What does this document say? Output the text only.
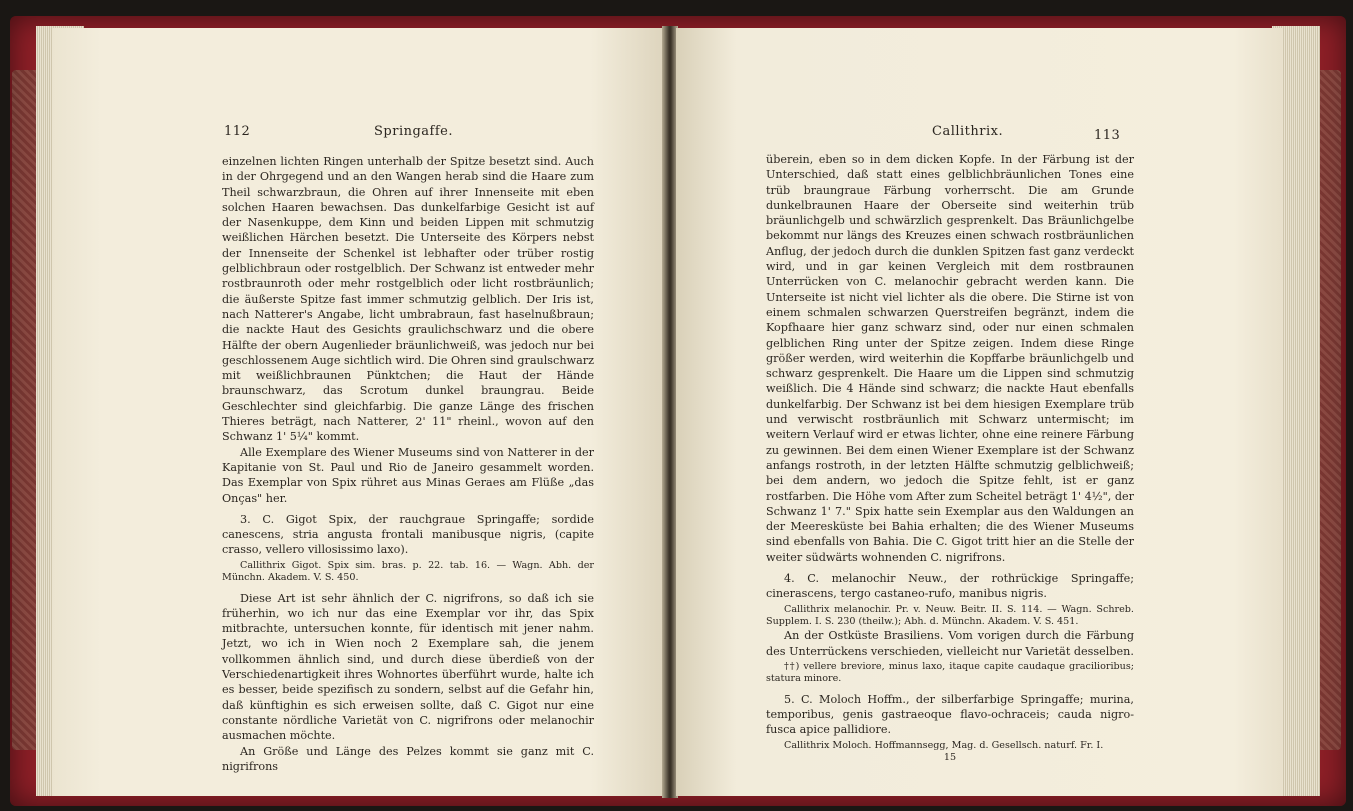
112	Springaffe.

einzelnen lichten Ringen unterhalb der Spitze besetzt sind. Auch in der Ohrgegend und an den Wangen herab sind die Haare zum Theil schwarzbraun, die Ohren auf ihrer Innenseite mit eben solchen Haaren bewachsen. Das dunkelfarbige Gesicht ist auf der Nasenkuppe, dem Kinn und beiden Lippen mit schmutzig weißlichen Härchen besetzt. Die Unterseite des Körpers nebst der Innenseite der Schenkel ist lebhafter oder trüber rostig gelblichbraun oder rostgelblich. Der Schwanz ist entweder mehr rostbraunroth oder mehr rostgelblich oder licht rostbräunlich; die äußerste Spitze fast immer schmutzig gelblich. Der Iris ist, nach Natterer's Angabe, licht umbrabraun, fast haselnußbraun; die nackte Haut des Gesichts graulichschwarz und die obere Hälfte der obern Augenlieder bräunlichweiß, was jedoch nur bei geschlossenem Auge sichtlich wird. Die Ohren sind graulschwarz mit weißlichbraunen Pünktchen; die Haut der Hände braunschwarz, das Scrotum dunkel braungrau. Beide Geschlechter sind gleichfarbig. Die ganze Länge des frischen Thieres beträgt, nach Natterer, 2' 11" rheinl., wovon auf den Schwanz 1' 5¼" kommt.

Alle Exemplare des Wiener Museums sind von Natterer in der Kapitanie von St. Paul und Rio de Janeiro gesammelt worden. Das Exemplar von Spix rühret aus Minas Geraes am Flüße „das Onças" her.

3. C. Gigot Spix, der rauchgraue Springaffe; sordide canescens, stria angusta frontali manibusque nigris, (capite crasso, vellero villosissimo laxo).

Callithrix Gigot. Spix sim. bras. p. 22. tab. 16. — Wagn. Abh. der Münchn. Akadem. V. S. 450.

Diese Art ist sehr ähnlich der C. nigrifrons, so daß ich sie früherhin, wo ich nur das eine Exemplar vor ihr, das Spix mitbrachte, untersuchen konnte, für identisch mit jener nahm. Jetzt, wo ich in Wien noch 2 Exemplare sah, die jenem vollkommen ähnlich sind, und durch diese überdieß von der Verschiedenartigkeit ihres Wohnortes überführt wurde, halte ich es besser, beide spezifisch zu sondern, selbst auf die Gefahr hin, daß künftighin es sich erweisen sollte, daß C. Gigot nur eine constante nördliche Varietät von C. nigrifrons oder melanochir ausmachen möchte.

An Größe und Länge des Pelzes kommt sie ganz mit C. nigrifrons

Callithrix.	113

überein, eben so in dem dicken Kopfe. In der Färbung ist der Unterschied, daß statt eines gelblichbräunlichen Tones eine trüb braungraue Färbung vorherrscht. Die am Grunde dunkelbraunen Haare der Oberseite sind weiterhin trüb bräunlichgelb und schwärzlich gesprenkelt. Das Bräunlichgelbe bekommt nur längs des Kreuzes einen schwach rostbräunlichen Anflug, der jedoch durch die dunklen Spitzen fast ganz verdeckt wird, und in gar keinen Vergleich mit dem rostbraunen Unterrücken von C. melanochir gebracht werden kann. Die Unterseite ist nicht viel lichter als die obere. Die Stirne ist von einem schmalen schwarzen Querstreifen begränzt, indem die Kopfhaare hier ganz schwarz sind, oder nur einen schmalen gelblichen Ring unter der Spitze zeigen. Indem diese Ringe größer werden, wird weiterhin die Kopffarbe bräunlichgelb und schwarz gesprenkelt. Die Haare um die Lippen sind schmutzig weißlich. Die 4 Hände sind schwarz; die nackte Haut ebenfalls dunkelfarbig. Der Schwanz ist bei dem hiesigen Exemplare trüb und verwischt rostbräunlich mit Schwarz untermischt; im weitern Verlauf wird er etwas lichter, ohne eine reinere Färbung zu gewinnen. Bei dem einen Wiener Exemplare ist der Schwanz anfangs rostroth, in der letzten Hälfte schmutzig gelblichweiß; bei dem andern, wo jedoch die Spitze fehlt, ist er ganz rostfarben. Die Höhe vom After zum Scheitel beträgt 1' 4½", der Schwanz 1' 7." Spix hatte sein Exemplar aus den Waldungen an der Meeresküste bei Bahia erhalten; die des Wiener Museums sind ebenfalls von Bahia. Die C. Gigot tritt hier an die Stelle der weiter südwärts wohnenden C. nigrifrons.

4. C. melanochir Neuw., der rothrückige Springaffe; cinerascens, tergo castaneo-rufo, manibus nigris.

Callithrix melanochir. Pr. v. Neuw. Beitr. II. S. 114. — Wagn. Schreb. Supplem. I. S. 230 (theilw.); Abh. d. Münchn. Akadem. V. S. 451.

An der Ostküste Brasiliens. Vom vorigen durch die Färbung des Unterrückens verschieden, vielleicht nur Varietät desselben.

††) vellere breviore, minus laxo, itaque capite caudaque gracilioribus; statura minore.

5. C. Moloch Hoffm., der silberfarbige Springaffe; murina, temporibus, genis gastraeoque flavo-ochraceis; cauda nigro-fusca apice pallidiore.

Callithrix Moloch. Hoffmannsegg, Mag. d. Gesellsch. naturf. Fr. I.

15
